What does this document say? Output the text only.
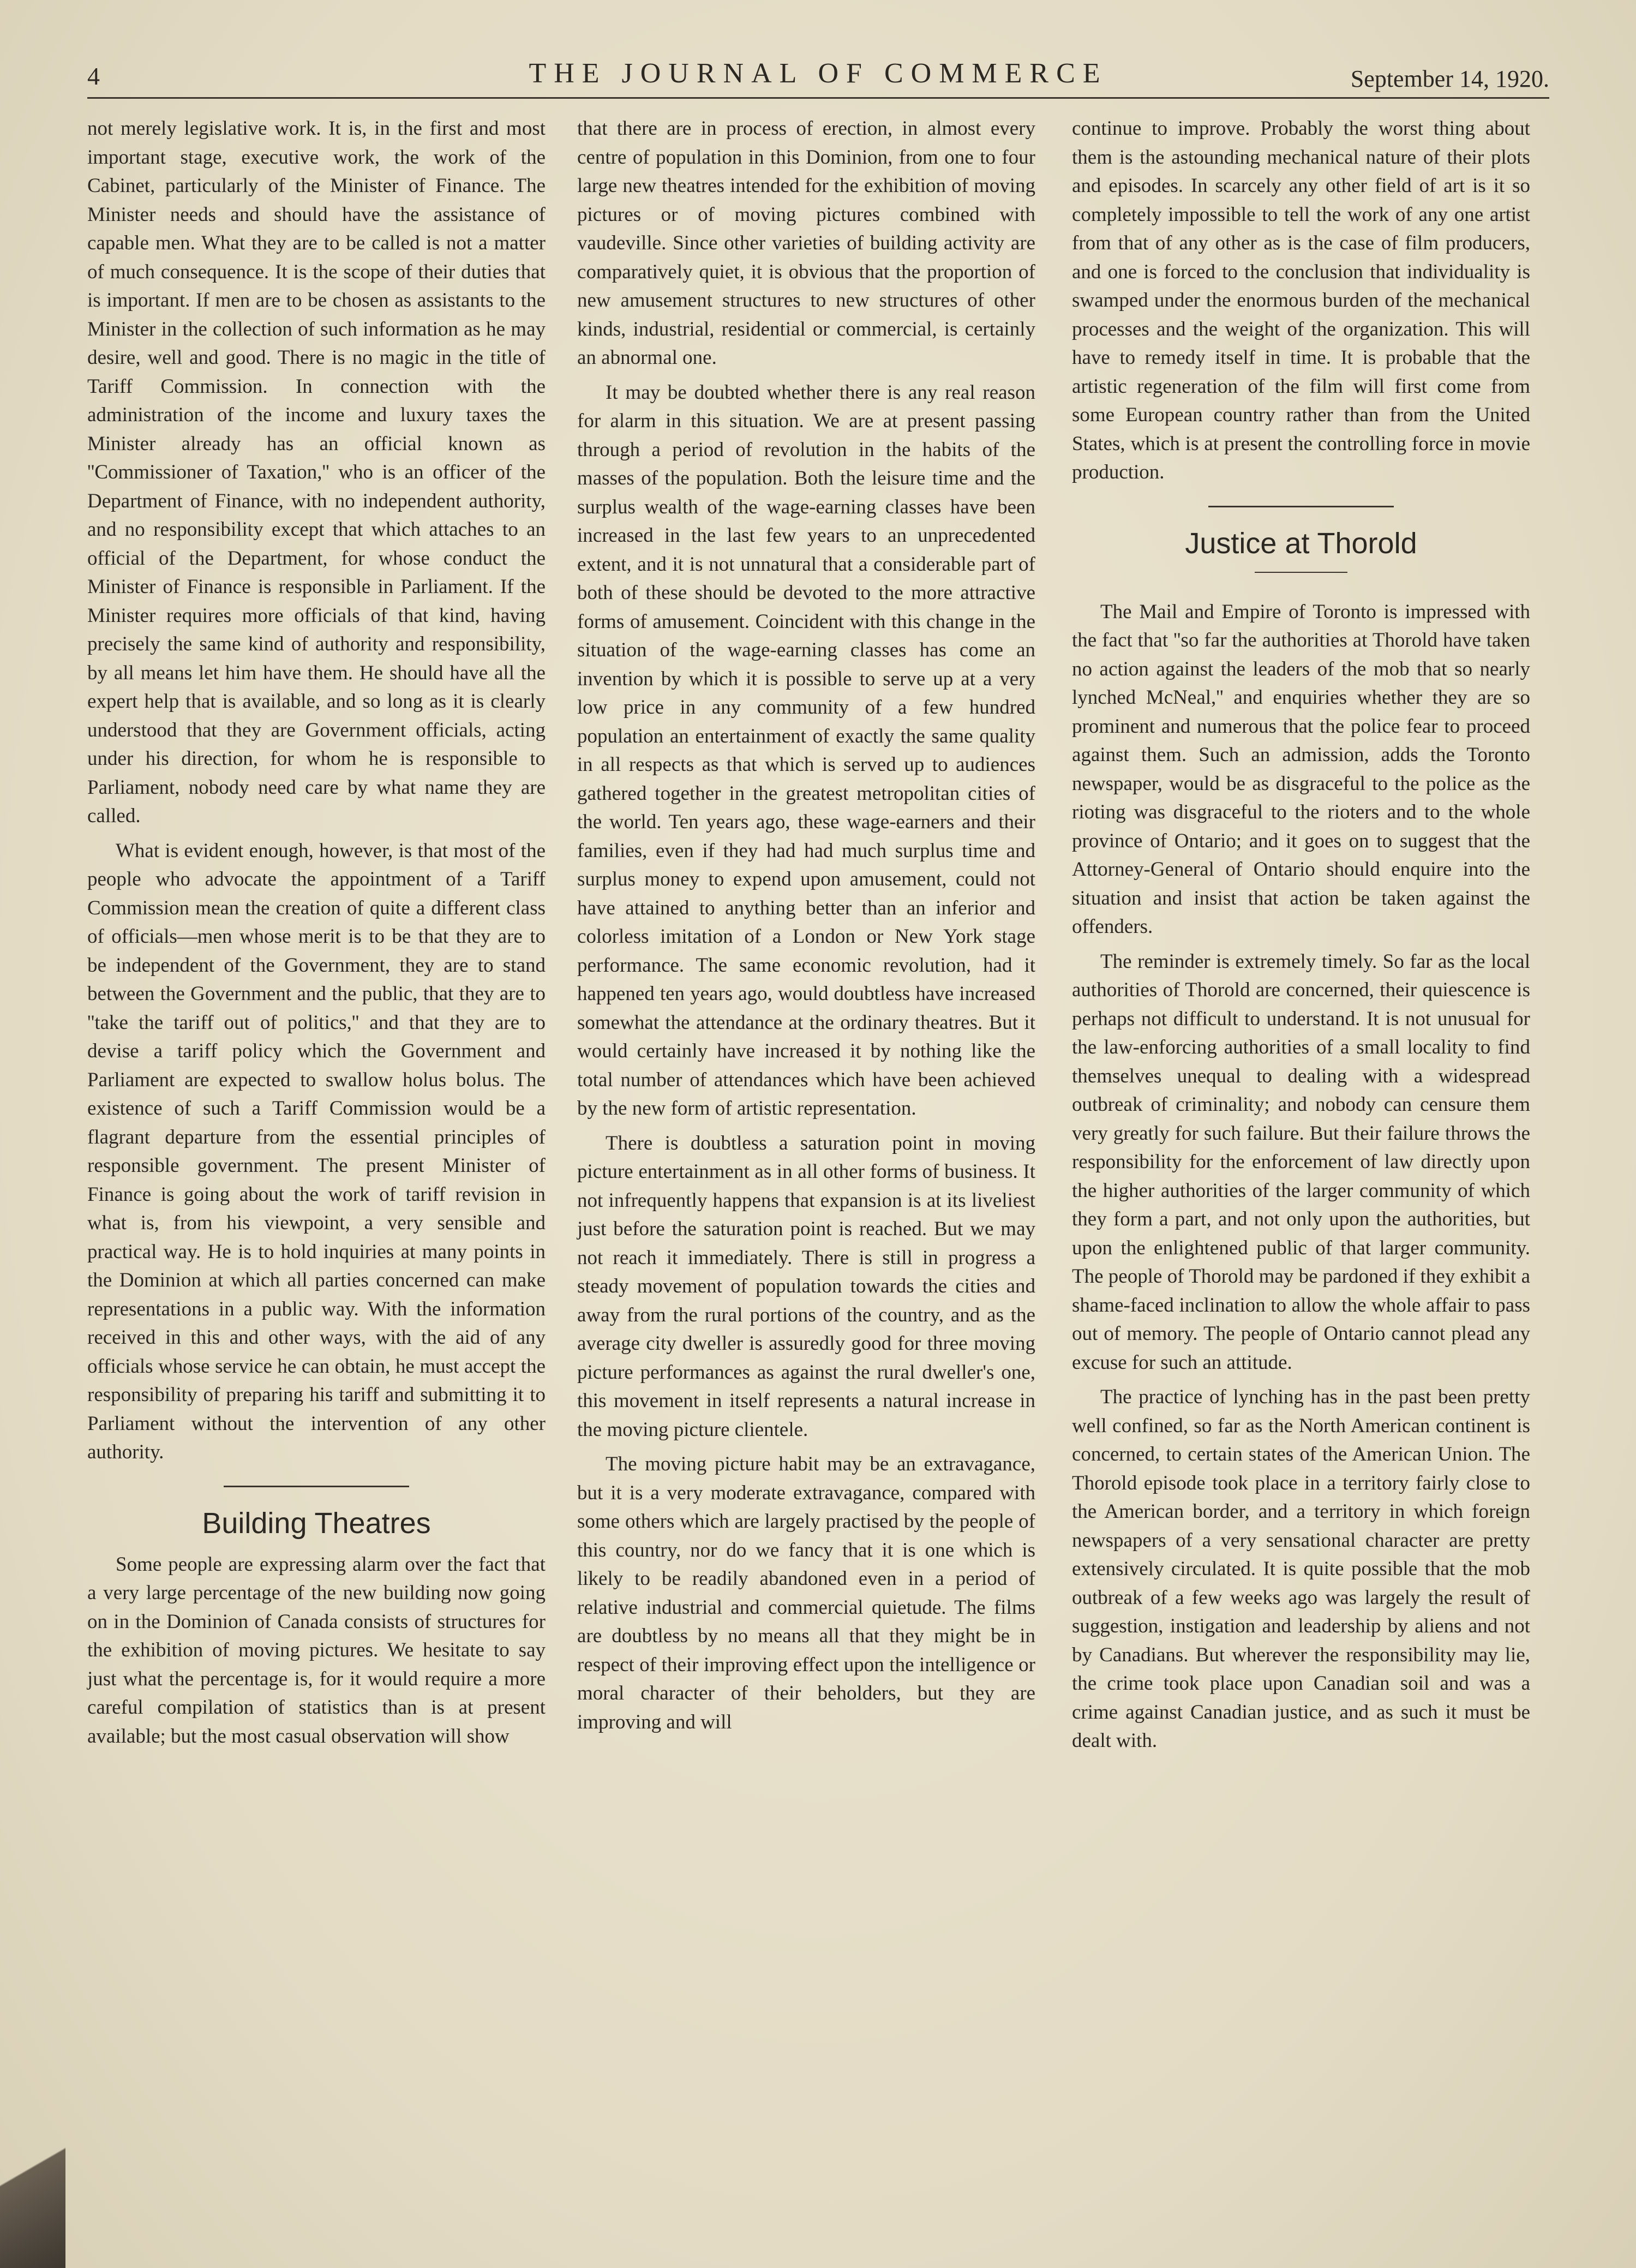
4	THE JOURNAL OF COMMERCE	September 14, 1920.

not merely legislative work. It is, in the first and most important stage, executive work, the work of the Cabinet, particularly of the Minister of Finance. The Minister needs and should have the assistance of capable men. What they are to be called is not a matter of much consequence. It is the scope of their duties that is important. If men are to be chosen as assistants to the Minister in the collection of such information as he may desire, well and good. There is no magic in the title of Tariff Commission. In connection with the administration of the income and luxury taxes the Minister already has an official known as ''Commissioner of Taxation,'' who is an officer of the Department of Finance, with no independent authority, and no responsibility except that which attaches to an official of the Department, for whose conduct the Minister of Finance is responsible in Parliament. If the Minister requires more officials of that kind, having precisely the same kind of authority and responsibility, by all means let him have them. He should have all the expert help that is available, and so long as it is clearly understood that they are Government officials, acting under his direction, for whom he is responsible to Parliament, nobody need care by what name they are called.

What is evident enough, however, is that most of the people who advocate the appointment of a Tariff Commission mean the creation of quite a different class of officials—men whose merit is to be that they are to be independent of the Government, they are to stand between the Government and the public, that they are to ''take the tariff out of politics,'' and that they are to devise a tariff policy which the Government and Parliament are expected to swallow holus bolus. The existence of such a Tariff Commission would be a flagrant departure from the essential principles of responsible government. The present Minister of Finance is going about the work of tariff revision in what is, from his viewpoint, a very sensible and practical way. He is to hold inquiries at many points in the Dominion at which all parties concerned can make representations in a public way. With the information received in this and other ways, with the aid of any officials whose service he can obtain, he must accept the responsibility of preparing his tariff and submitting it to Parliament without the intervention of any other authority.

Building Theatres

Some people are expressing alarm over the fact that a very large percentage of the new building now going on in the Dominion of Canada consists of structures for the exhibition of moving pictures. We hesitate to say just what the percentage is, for it would require a more careful compilation of statistics than is at present available; but the most casual observation will show

that there are in process of erection, in almost every centre of population in this Dominion, from one to four large new theatres intended for the exhibition of moving pictures or of moving pictures combined with vaudeville. Since other varieties of building activity are comparatively quiet, it is obvious that the proportion of new amusement structures to new structures of other kinds, industrial, residential or commercial, is certainly an abnormal one.

It may be doubted whether there is any real reason for alarm in this situation. We are at present passing through a period of revolution in the habits of the masses of the population. Both the leisure time and the surplus wealth of the wage-earning classes have been increased in the last few years to an unprecedented extent, and it is not unnatural that a considerable part of both of these should be devoted to the more attractive forms of amusement. Coincident with this change in the situation of the wage-earning classes has come an invention by which it is possible to serve up at a very low price in any community of a few hundred population an entertainment of exactly the same quality in all respects as that which is served up to audiences gathered together in the greatest metropolitan cities of the world. Ten years ago, these wage-earners and their families, even if they had had much surplus time and surplus money to expend upon amusement, could not have attained to anything better than an inferior and colorless imitation of a London or New York stage performance. The same economic revolution, had it happened ten years ago, would doubtless have increased somewhat the attendance at the ordinary theatres. But it would certainly have increased it by nothing like the total number of attendances which have been achieved by the new form of artistic representation.

There is doubtless a saturation point in moving picture entertainment as in all other forms of business. It not infrequently happens that expansion is at its liveliest just before the saturation point is reached. But we may not reach it immediately. There is still in progress a steady movement of population towards the cities and away from the rural portions of the country, and as the average city dweller is assuredly good for three moving picture performances as against the rural dweller's one, this movement in itself represents a natural increase in the moving picture clientele.

The moving picture habit may be an extravagance, but it is a very moderate extravagance, compared with some others which are largely practised by the people of this country, nor do we fancy that it is one which is likely to be readily abandoned even in a period of relative industrial and commercial quietude. The films are doubtless by no means all that they might be in respect of their improving effect upon the intelligence or moral character of their beholders, but they are improving and will

continue to improve. Probably the worst thing about them is the astounding mechanical nature of their plots and episodes. In scarcely any other field of art is it so completely impossible to tell the work of any one artist from that of any other as is the case of film producers, and one is forced to the conclusion that individuality is swamped under the enormous burden of the mechanical processes and the weight of the organization. This will have to remedy itself in time. It is probable that the artistic regeneration of the film will first come from some European country rather than from the United States, which is at present the controlling force in movie production.

Justice at Thorold

The Mail and Empire of Toronto is impressed with the fact that ''so far the authorities at Thorold have taken no action against the leaders of the mob that so nearly lynched McNeal,'' and enquiries whether they are so prominent and numerous that the police fear to proceed against them. Such an admission, adds the Toronto newspaper, would be as disgraceful to the police as the rioting was disgraceful to the rioters and to the whole province of Ontario; and it goes on to suggest that the Attorney-General of Ontario should enquire into the situation and insist that action be taken against the offenders.

The reminder is extremely timely. So far as the local authorities of Thorold are concerned, their quiescence is perhaps not difficult to understand. It is not unusual for the law-enforcing authorities of a small locality to find themselves unequal to dealing with a widespread outbreak of criminality; and nobody can censure them very greatly for such failure. But their failure throws the responsibility for the enforcement of law directly upon the higher authorities of the larger community of which they form a part, and not only upon the authorities, but upon the enlightened public of that larger community. The people of Thorold may be pardoned if they exhibit a shame-faced inclination to allow the whole affair to pass out of memory. The people of Ontario cannot plead any excuse for such an attitude.

The practice of lynching has in the past been pretty well confined, so far as the North American continent is concerned, to certain states of the American Union. The Thorold episode took place in a territory fairly close to the American border, and a territory in which foreign newspapers of a very sensational character are pretty extensively circulated. It is quite possible that the mob outbreak of a few weeks ago was largely the result of suggestion, instigation and leadership by aliens and not by Canadians. But wherever the responsibility may lie, the crime took place upon Canadian soil and was a crime against Canadian justice, and as such it must be dealt with.
